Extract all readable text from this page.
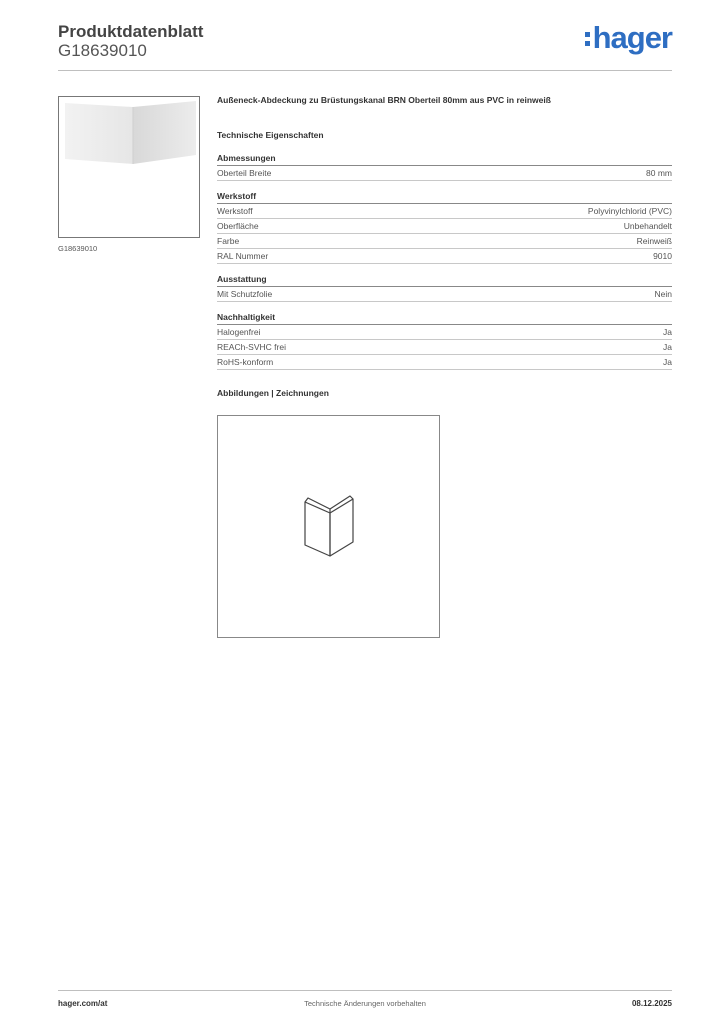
Produktdatenblatt
G18639010	hager
G18639010
Außeneck-Abdeckung zu Brüstungskanal BRN Oberteil 80mm aus PVC in reinweiß
Technische Eigenschaften
Abmessungen
Oberteil Breite	80 mm
Werkstoff
Werkstoff	Polyvinylchlorid (PVC)
Oberfläche	Unbehandelt
Farbe	Reinweiß
RAL Nummer	9010
Ausstattung
Mit Schutzfolie	Nein
Nachhaltigkeit
Halogenfrei	Ja
REACh-SVHC frei	Ja
RoHS-konform	Ja
Abbildungen | Zeichnungen
hager.com/at	Technische Änderungen vorbehalten	08.12.2025
